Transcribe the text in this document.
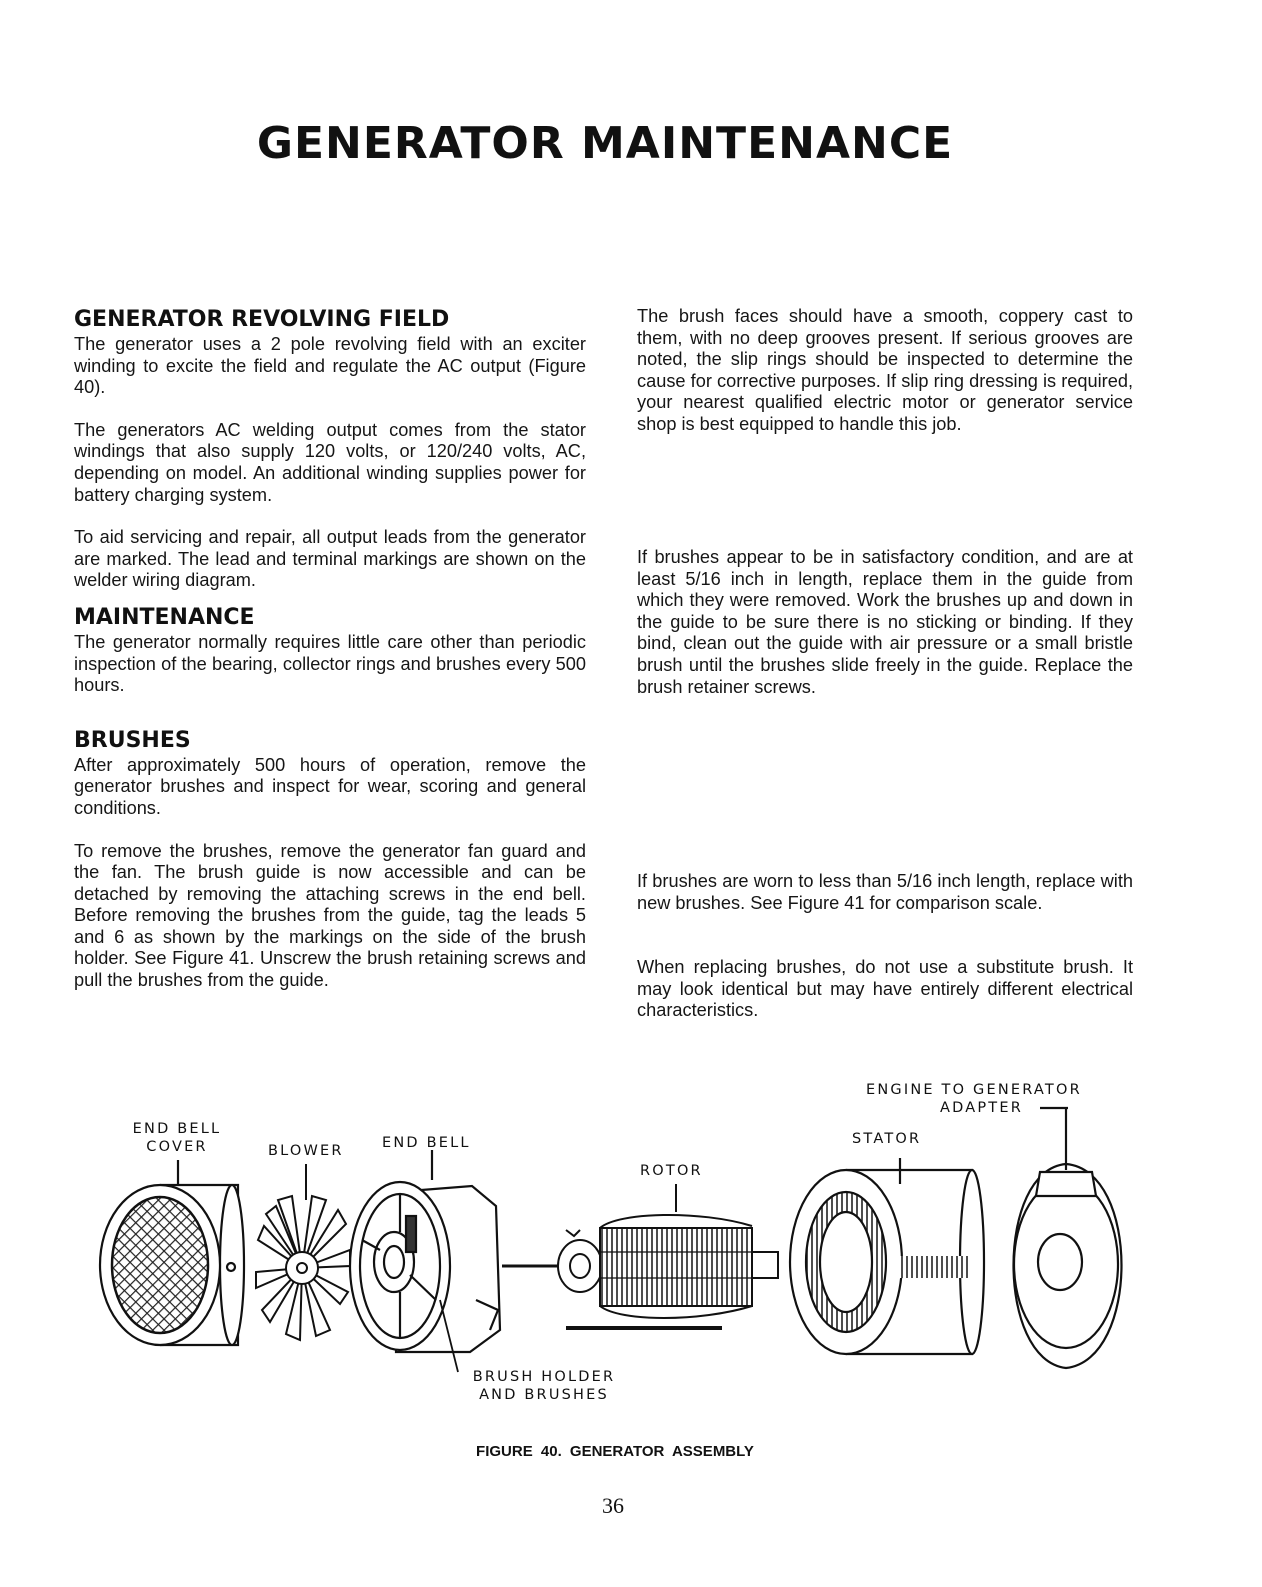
GENERATOR MAINTENANCE
GENERATOR REVOLVING FIELD

The generator uses a 2 pole revolving field with an exciter winding to excite the field and regulate the AC output (Figure 40).

The generators AC welding output comes from the stator windings that also supply 120 volts, or 120/240 volts, AC, depending on model. An additional winding supplies power for battery charging system.

To aid servicing and repair, all output leads from the generator are marked. The lead and terminal markings are shown on the welder wiring diagram.

MAINTENANCE

The generator normally requires little care other than periodic inspection of the bearing, collector rings and brushes every 500 hours.

BRUSHES

After approximately 500 hours of operation, remove the generator brushes and inspect for wear, scoring and general conditions.

To remove the brushes, remove the generator fan guard and the fan. The brush guide is now accessible and can be detached by removing the attaching screws in the end bell. Before removing the brushes from the guide, tag the leads 5 and 6 as shown by the markings on the side of the brush holder. See Figure 41. Unscrew the brush retaining screws and pull the brushes from the guide.

The brush faces should have a smooth, coppery cast to them, with no deep grooves present. If serious grooves are noted, the slip rings should be inspected to determine the cause for corrective purposes. If slip ring dressing is required, your nearest qualified electric motor or generator service shop is best equipped to handle this job.

If brushes appear to be in satisfactory condition, and are at least 5/16 inch in length, replace them in the guide from which they were removed. Work the brushes up and down in the guide to be sure there is no sticking or binding. If they bind, clean out the guide with air pressure or a small bristle brush until the brushes slide freely in the guide. Replace the brush retainer screws.

If brushes are worn to less than 5/16 inch length, replace with new brushes. See Figure 41 for comparison scale.

When replacing brushes, do not use a substitute brush. It may look identical but may have entirely different electrical characteristics.

END BELL
COVER	BLOWER	END BELL
ROTOR
STATOR
ENGINE TO GENERATOR
ADAPTER
BRUSH HOLDER
AND BRUSHES
FIGURE 40. GENERATOR ASSEMBLY
36
